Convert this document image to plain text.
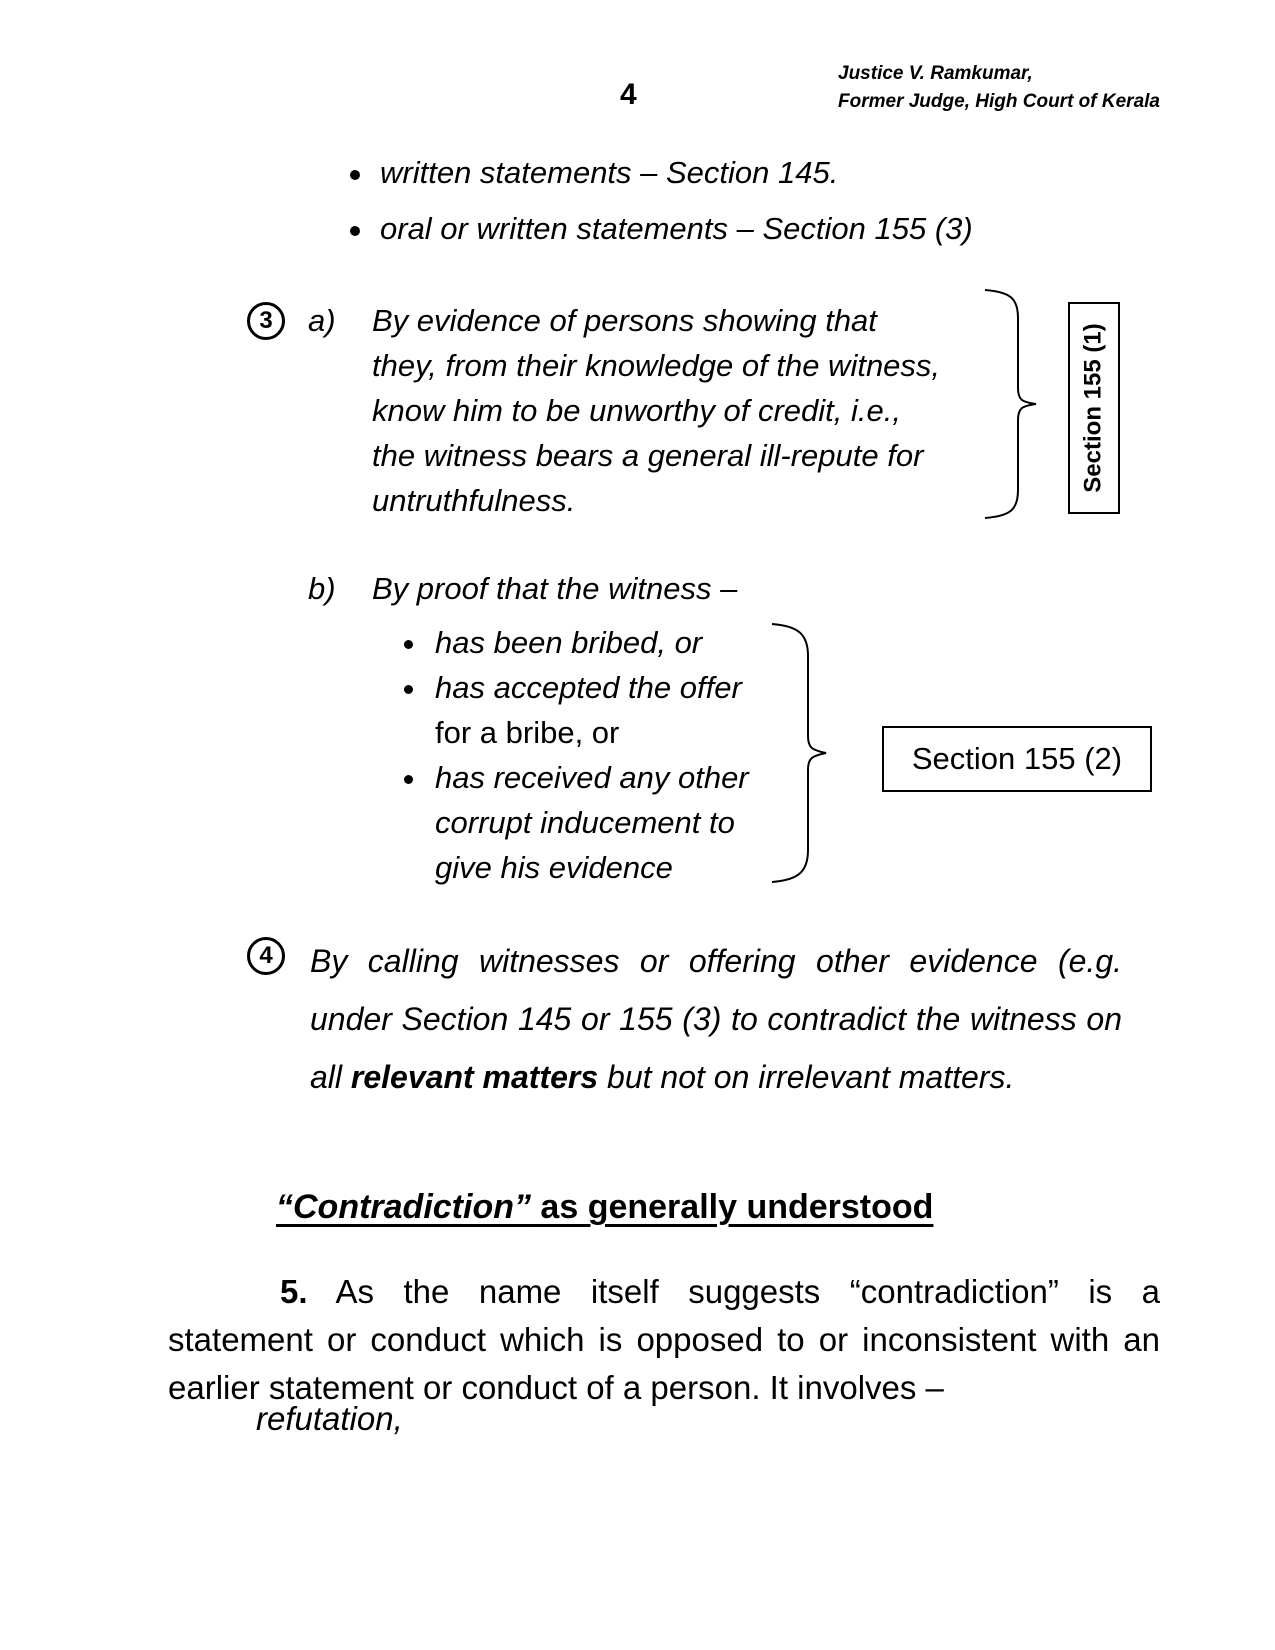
4
Justice V. Ramkumar,
Former Judge, High Court of Kerala
written statements – Section 145.
oral or written statements – Section 155 (3)
3	a) By evidence of persons showing that
they, from their knowledge of the witness,
know him to be unworthy of credit, i.e.,
the witness bears a general ill-repute for
untruthfulness.
Section 155 (1)
b) By proof that the witness –
has been bribed, or
has accepted the offer
for a bribe, or
has received any other
corrupt inducement to
give his evidence
Section 155 (2)
4	By calling witnesses or offering other evidence (e.g. under Section 145 or 155 (3) to contradict the witness on all relevant matters but not on irrelevant matters.
“Contradiction” as generally understood
5. As the name itself suggests “contradiction” is a statement or conduct which is opposed to or inconsistent with an earlier statement or conduct of a person. It involves –
refutation,
